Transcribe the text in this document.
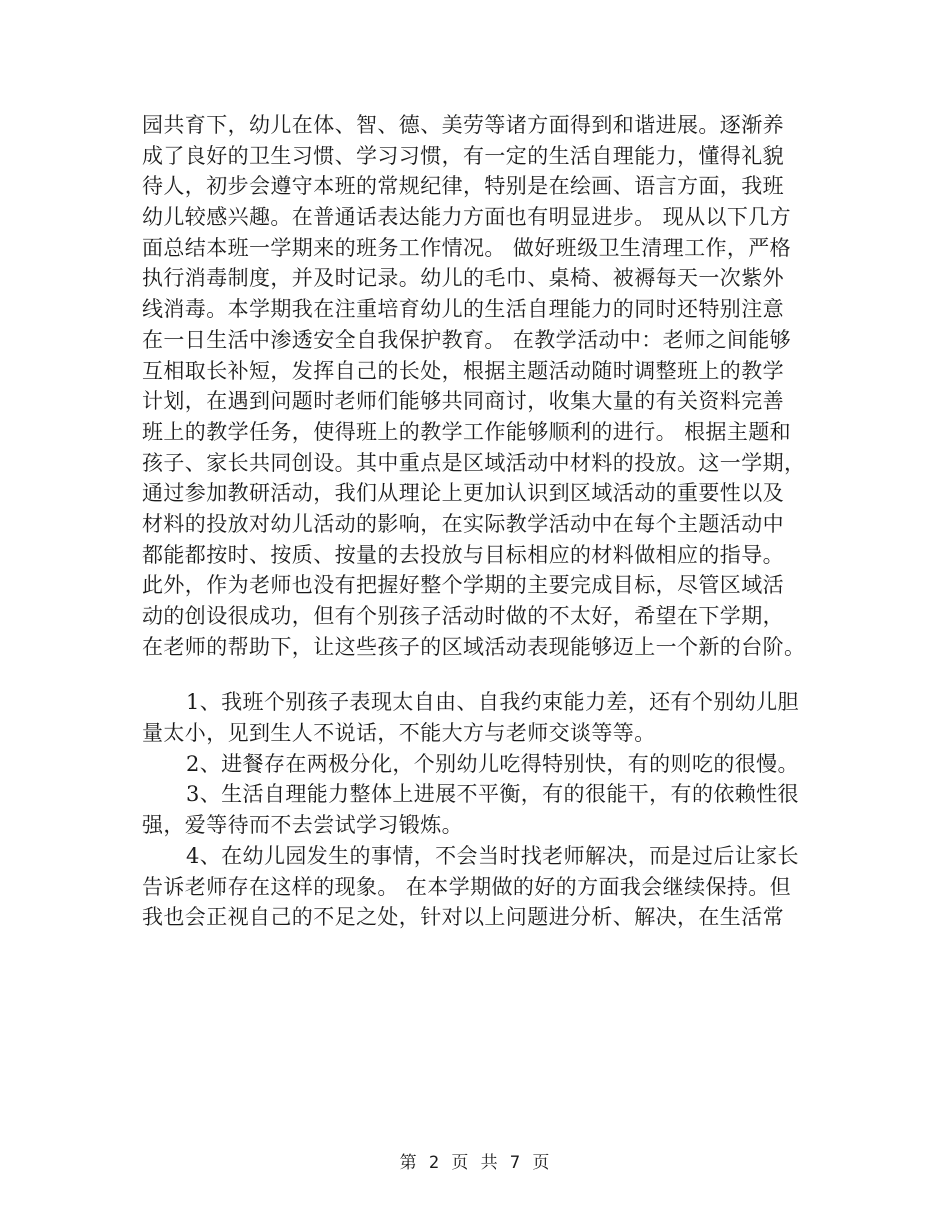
园共育下，幼儿在体、智、德、美劳等诸方面得到和谐进展。逐渐养
成了良好的卫生习惯、学习习惯，有一定的生活自理能力，懂得礼貌
待人，初步会遵守本班的常规纪律，特别是在绘画、语言方面，我班
幼儿较感兴趣。在普通话表达能力方面也有明显进步。 现从以下几方
面总结本班一学期来的班务工作情况。 做好班级卫生清理工作，严格
执行消毒制度，并及时记录。幼儿的毛巾、桌椅、被褥每天一次紫外
线消毒。本学期我在注重培育幼儿的生活自理能力的同时还特别注意
在一日生活中渗透安全自我保护教育。 在教学活动中：老师之间能够
互相取长补短，发挥自己的长处，根据主题活动随时调整班上的教学
计划，在遇到问题时老师们能够共同商讨，收集大量的有关资料完善
班上的教学任务，使得班上的教学工作能够顺利的进行。 根据主题和
孩子、家长共同创设。其中重点是区域活动中材料的投放。这一学期，
通过参加教研活动，我们从理论上更加认识到区域活动的重要性以及
材料的投放对幼儿活动的影响，在实际教学活动中在每个主题活动中
都能都按时、按质、按量的去投放与目标相应的材料做相应的指导。
此外，作为老师也没有把握好整个学期的主要完成目标，尽管区域活
动的创设很成功，但有个别孩子活动时做的不太好，希望在下学期，
在老师的帮助下，让这些孩子的区域活动表现能够迈上一个新的台阶。
1、我班个别孩子表现太自由、自我约束能力差，还有个别幼儿胆
量太小，见到生人不说话，不能大方与老师交谈等等。
2、进餐存在两极分化，个别幼儿吃得特别快，有的则吃的很慢。
3、生活自理能力整体上进展不平衡，有的很能干，有的依赖性很
强，爱等待而不去尝试学习锻炼。
4、在幼儿园发生的事情，不会当时找老师解决，而是过后让家长
告诉老师存在这样的现象。 在本学期做的好的方面我会继续保持。但
我也会正视自己的不足之处，针对以上问题进分析、解决，在生活常
第 2 页 共 7 页
